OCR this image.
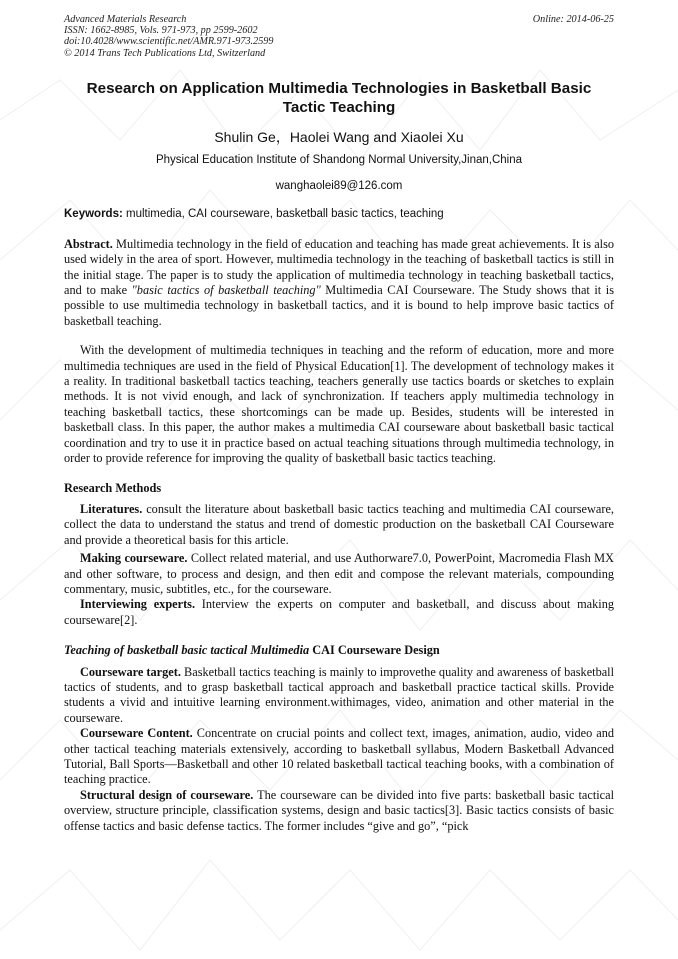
Advanced Materials Research
ISSN: 1662-8985, Vols. 971-973, pp 2599-2602
doi:10.4028/www.scientific.net/AMR.971-973.2599
© 2014 Trans Tech Publications Ltd, Switzerland
Online: 2014-06-25
Research on Application Multimedia Technologies in Basketball Basic Tactic Teaching
Shulin Ge，Haolei Wang and Xiaolei Xu
Physical Education Institute of Shandong Normal University,Jinan,China
wanghaolei89@126.com
Keywords: multimedia, CAI courseware, basketball basic tactics, teaching

Abstract. Multimedia technology in the field of education and teaching has made great achievements. It is also used widely in the area of sport. However, multimedia technology in the teaching of basketball tactics is still in the initial stage. The paper is to study the application of multimedia technology in teaching basketball tactics, and to make "basic tactics of basketball teaching" Multimedia CAI Courseware. The Study shows that it is possible to use multimedia technology in basketball tactics, and it is bound to help improve basic tactics of basketball teaching.

With the development of multimedia techniques in teaching and the reform of education, more and more multimedia techniques are used in the field of Physical Education[1]. The development of technology makes it a reality. In traditional basketball tactics teaching, teachers generally use tactics boards or sketches to explain methods. It is not vivid enough, and lack of synchronization. If teachers apply multimedia technology in teaching basketball tactics, these shortcomings can be made up. Besides, students will be interested in basketball class. In this paper, the author makes a multimedia CAI courseware about basketball basic tactical coordination and try to use it in practice based on actual teaching situations through multimedia technology, in order to provide reference for improving the quality of basketball basic tactics teaching.

Research Methods

Literatures. consult the literature about basketball basic tactics teaching and multimedia CAI courseware, collect the data to understand the status and trend of domestic production on the basketball CAI Courseware and provide a theoretical basis for this article.

Making courseware. Collect related material, and use Authorware7.0, PowerPoint, Macromedia Flash MX and other software, to process and design, and then edit and compose the relevant materials, compounding commentary, music, subtitles, etc., for the courseware.

Interviewing experts. Interview the experts on computer and basketball, and discuss about making courseware[2].

Teaching of basketball basic tactical Multimedia CAI Courseware Design

Courseware target. Basketball tactics teaching is mainly to improvethe quality and awareness of basketball tactics of students, and to grasp basketball tactical approach and basketball practice tactical skills. Provide students a vivid and intuitive learning environment.withimages, video, animation and other material in the courseware.

Courseware Content. Concentrate on crucial points and collect text, images, animation, audio, video and other tactical teaching materials extensively, according to basketball syllabus, Modern Basketball Advanced Tutorial, Ball Sports—Basketball and other 10 related basketball tactical teaching books, with a combination of teaching practice.

Structural design of courseware. The courseware can be divided into five parts: basketball basic tactical overview, structure principle, classification systems, design and basic tactics[3]. Basic tactics consists of basic offense tactics and basic defense tactics. The former includes “give and go”, “pick
